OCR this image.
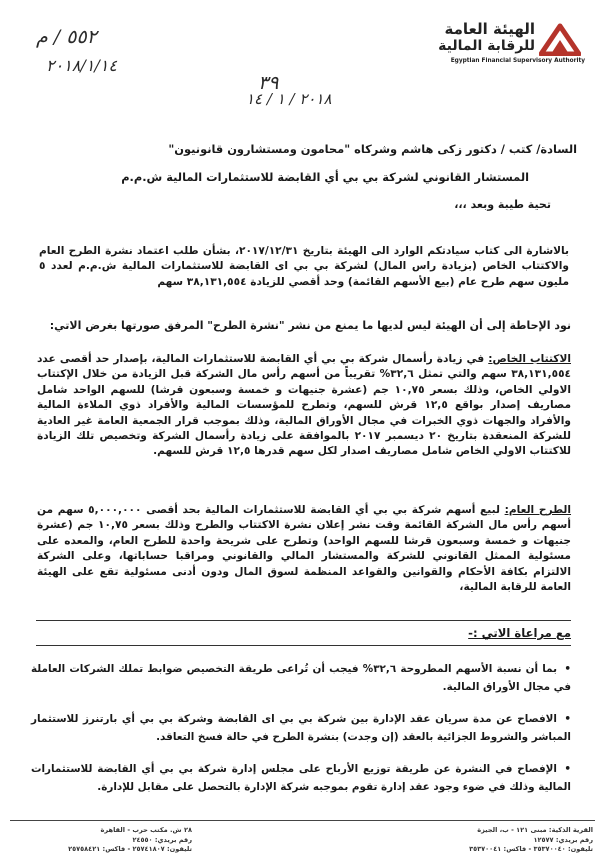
الهيئة العامة
للرقابة المالية
Egyptian Financial Supervisory Authority
٥٥٢ / م
٢٠١٨/١/١٤
٣٩
٢٠١٨ / ١ / ١٤
السادة/ كتب / دكتور زكى هاشم وشركاه "محامون ومستشارون قانونيون"
المستشار القانوني لشركة بي بي أي القابضة للاستثمارات المالية ش.م.م
تحية طيبة وبعد ،،،
بالاشارة الى كتاب سيادتكم الوارد الى الهيئة بتاريخ ٢٠١٧/١٢/٣١، بشأن طلب اعتماد نشرة الطرح العام والاكتتاب الخاص (بزيادة راس المال) لشركة بي بي اى القابضة للاستثمارات المالية ش.م.م لعدد ٥ مليون سهم طرح عام (بيع الأسهم القائمة) وحد أقصي للزيادة ٣٨,١٣١,٥٥٤ سهم
نود الإحاطة إلى أن الهيئة ليس لديها ما يمنع من نشر "نشرة الطرح" المرفق صورتها بغرض الاتي:
الاكتتاب الخاص: في زيادة رأسمال شركة بي بي أي القابضة للاستثمارات المالية، بإصدار حد أقصى عدد ٣٨,١٣١,٥٥٤ سهم والتي تمثل ٣٢,٦% تقريباً من أسهم رأس مال الشركة قبل الزيادة من خلال الإكتتاب الاولي الخاص، وذلك بسعر ١٠,٧٥ جم (عشرة جنيهات و خمسة وسبعون قرشا) للسهم الواحد شامل مصاريف إصدار بواقع ١٢,٥ قرش للسهم، وتطرح للمؤسسات المالية والأفراد ذوي الملاءة المالية والأفراد والجهات ذوي الخبرات في مجال الأوراق المالية، وذلك بموجب قرار الجمعية العامة غير العادية للشركة المنعقدة بتاريخ ٢٠ ديسمبر ٢٠١٧ بالموافقة على زيادة رأسمال الشركة وتخصيص تلك الزيادة للاكتتاب الاولي الخاص شامل مصاريف اصدار لكل سهم قدرها ١٢,٥ قرش للسهم.
الطرح العام: لبيع أسهم شركة بي بي أي القابضة للاستثمارات المالية بحد أقصى ٥,٠٠٠,٠٠٠ سهم من أسهم رأس مال الشركة القائمة وقت نشر إعلان نشرة الاكتتاب والطرح وذلك بسعر ١٠,٧٥ جم (عشرة جنيهات و خمسة وسبعون قرشا للسهم الواحد) وتطرح على شريحة واحدة للطرح العام، والمعده على مسئولية الممثل القانوني للشركة والمستشار المالي والقانوني ومراقبا حساباتها، وعلى الشركة الالتزام بكافة الأحكام والقوانين والقواعد المنظمة لسوق المال ودون أدنى مسئولية تقع على الهيئة العامة للرقابة المالية،
مع مراعاة الاتي :-
•بما أن نسبة الأسهم المطروحة ٣٢,٦% فيجب أن تُراعى طريقة التخصيص ضوابط تملك الشركات العاملة في مجال الأوراق المالية.
•الافصاح عن مدة سريان عقد الإدارة بين شركة بي بي اى القابضة وشركة بي بي أي بارتنرز للاستثمار المباشر والشروط الجزائية بالعقد (إن وجدت) بنشرة الطرح في حالة فسخ التعاقد.
•الإفصاح في النشرة عن طريقة توزيع الأرباح على مجلس إدارة شركة بي بي أي القابضة للاستثمارات المالية وذلك في ضوء وجود عقد إدارة تقوم بموجبه شركة الإدارة بالتحصل على مقابل للإدارة.
القرية الذكية: مبنى ١٢١ - ب، الجيزة
رقم بريدي: ١٢٥٧٧
تليفون: ٣٥٣٧٠٠٤٠ - فاكس: ٣٥٣٧٠٠٤١
٢٨ ش. مكتب حرب - القاهرة
رقم بريدي: ٢٤٥٥٠
تليفون: ٢٥٧٤١٨٠٧ - فاكس: ٢٥٧٥٨٤٢١
